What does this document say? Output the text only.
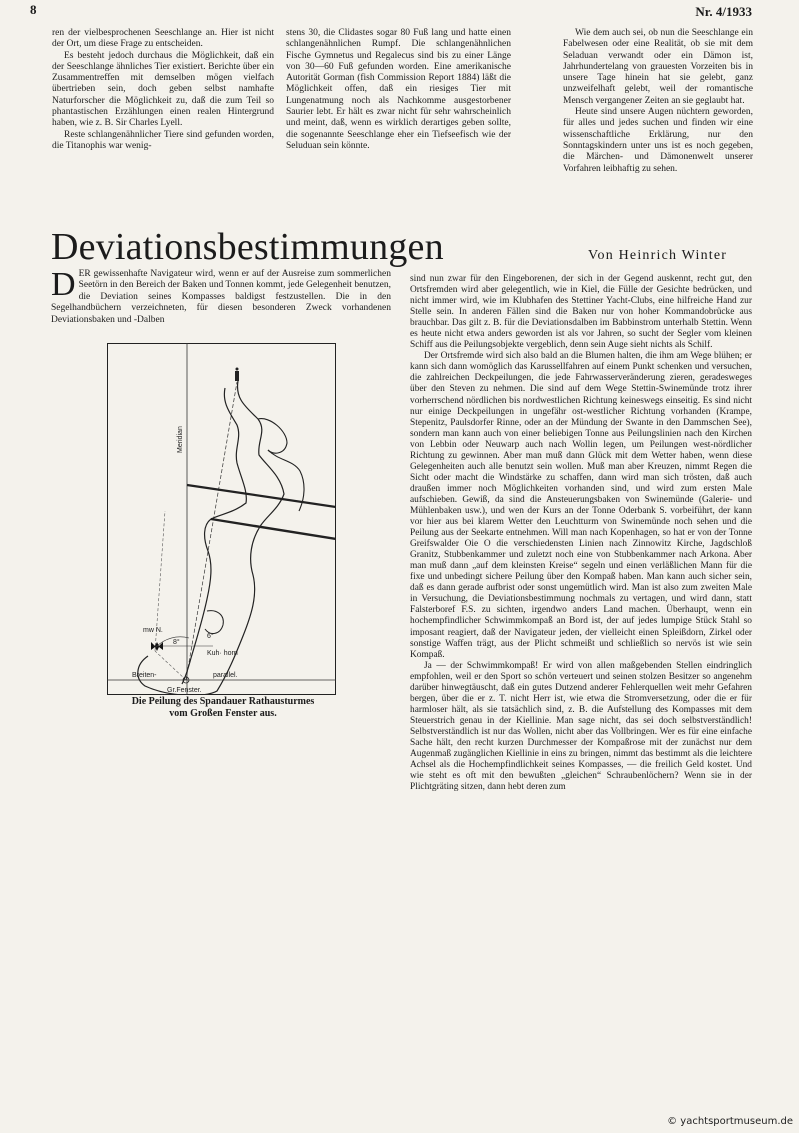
8	Nr. 4/1933

ren der vielbesprochenen Seeschlange an. Hier ist nicht der Ort, um diese Frage zu entscheiden.

Es besteht jedoch durchaus die Möglichkeit, daß ein der Seeschlange ähnliches Tier existiert. Berichte über ein Zusammentreffen mit demselben mögen vielfach übertrieben sein, doch geben selbst namhafte Naturforscher die Möglichkeit zu, daß die zum Teil so phantastischen Erzählungen einen realen Hintergrund haben, wie z. B. Sir Charles Lyell.

Reste schlangenähnlicher Tiere sind gefunden worden, die Titanophis war wenig-

stens 30, die Clidastes sogar 80 Fuß lang und hatte einen schlangenähnlichen Rumpf. Die schlangenähnlichen Fische Gymnetus und Regalecus sind bis zu einer Länge von 30—60 Fuß gefunden worden. Eine amerikanische Autorität Gorman (fish Commission Report 1884) läßt die Möglichkeit offen, daß ein riesiges Tier mit Lungenatmung noch als Nachkomme ausgestorbener Saurier lebt. Er hält es zwar nicht für sehr wahrscheinlich und meint, daß, wenn es wirklich derartiges geben sollte, die sogenannte Seeschlange eher ein Tiefseefisch wie der Seluduan sein könnte.

Wie dem auch sei, ob nun die Seeschlange ein Fabelwesen oder eine Realität, ob sie mit dem Seladuan verwandt oder ein Dämon ist, Jahrhundertelang von grauesten Vorzeiten bis in unsere Tage hinein hat sie gelebt, ganz unzweifelhaft gelebt, weil der romantische Mensch vergangener Zeiten an sie geglaubt hat.

Heute sind unsere Augen nüchtern geworden, für alles und jedes suchen und finden wir eine wissenschaftliche Erklärung, nur den Sonntagskindern unter uns ist es noch gegeben, die Märchen- und Dämonenwelt unserer Vorfahren leibhaftig zu sehen.

Deviationsbestimmungen	Von Heinrich Winter
DER gewissenhafte Navigateur wird, wenn er auf der Ausreise zum sommerlichen Seetörn in den Bereich der Baken und Tonnen kommt, jede Gelegenheit benutzen, die Deviation seines Kompasses baldigst festzustellen. Die in den Segelhandbüchern verzeichneten, für diesen besonderen Zweck vorhandenen Deviationsbaken und -Dalben
Meridian
mw N.
8°
6°
Kuh· horn
Breiten-	parallel.
Gr.Fenster.
Die Peilung des Spandauer Rathausturmes
vom Großen Fenster aus.

sind nun zwar für den Eingeborenen, der sich in der Gegend auskennt, recht gut, den Ortsfremden wird aber gelegentlich, wie in Kiel, die Fülle der Gesichte bedrücken, und nicht immer wird, wie im Klubhafen des Stettiner Yacht-Clubs, eine hilfreiche Hand zur Stelle sein. In anderen Fällen sind die Baken nur von hoher Kommandobrücke aus brauchbar. Das gilt z. B. für die Deviationsdalben im Babbinstrom unterhalb Stettin. Wenn es heute nicht etwa anders geworden ist als vor Jahren, so sucht der Segler vom kleinen Schiff aus die Peilungsobjekte vergeblich, denn sein Auge sieht nichts als Schilf.

Der Ortsfremde wird sich also bald an die Blumen halten, die ihm am Wege blühen; er kann sich dann womöglich das Karussellfahren auf einem Punkt schenken und versuchen, die zahlreichen Deckpeilungen, die jede Fahrwasserveränderung zieren, geradesweges über den Steven zu nehmen. Die sind auf dem Wege Stettin-Swinemünde trotz ihrer vorherrschend nördlichen bis nordwestlichen Richtung keineswegs einseitig. Es sind nicht nur einige Deckpeilungen in ungefähr ost-westlicher Richtung vorhanden (Krampe, Stepenitz, Paulsdorfer Rinne, oder an der Mündung der Swante in den Dammschen See), sondern man kann auch von einer beliebigen Tonne aus Peilungslinien nach den Kirchen von Lebbin oder Neuwarp auch nach Wollin legen, um Peilungen west-nördlicher Richtung zu gewinnen. Aber man muß dann Glück mit dem Wetter haben, wenn diese Gelegenheiten auch alle benutzt sein wollen. Muß man aber Kreuzen, nimmt Regen die Sicht oder macht die Windstärke zu schaffen, dann wird man sich trösten, daß auch draußen immer noch Möglichkeiten vorhanden sind, und wird zum ersten Male aufschieben. Gewiß, da sind die Ansteuerungsbaken von Swinemünde (Galerie- und Mühlenbaken usw.), und wen der Kurs an der Tonne Oderbank S. vorbeiführt, der kann vor hier aus bei klarem Wetter den Leuchtturm von Swinemünde noch sehen und die Peilung aus der Seekarte entnehmen. Will man nach Kopenhagen, so hat er von der Tonne Greifswalder Oie O die verschiedensten Linien nach Zinnowitz Kirche, Jagdschloß Granitz, Stubbenkammer und zuletzt noch eine von Stubbenkammer nach Arkona. Aber man muß dann „auf dem kleinsten Kreise“ segeln und einen verläßlichen Mann für die fixe und unbedingt sichere Peilung über den Kompaß haben. Man kann auch sicher sein, daß es dann gerade aufbrist oder sonst ungemütlich wird. Man ist also zum zweiten Male in Versuchung, die Deviationsbestimmung nochmals zu vertagen, und wird dann, statt Falsterboref F.S. zu sichten, irgendwo anders Land machen. Überhaupt, wenn ein hochempfindlicher Schwimmkompaß an Bord ist, der auf jedes lumpige Stück Stahl so imposant reagiert, daß der Navigateur jeden, der vielleicht einen Spleißdorn, Zirkel oder sonstige Waffen trägt, aus der Plicht schmeißt und schließlich so nervös ist wie sein Kompaß.

Ja — der Schwimmkompaß! Er wird von allen maßgebenden Stellen eindringlich empfohlen, weil er den Sport so schön verteuert und seinen stolzen Besitzer so angenehm darüber hinwegtäuscht, daß ein gutes Dutzend anderer Fehlerquellen weit mehr Gefahren bergen, über die er z. T. nicht Herr ist, wie etwa die Stromversetzung, oder die er für harmloser hält, als sie tatsächlich sind, z. B. die Aufstellung des Kompasses mit dem Steuerstrich genau in der Kiellinie. Man sage nicht, das sei doch selbstverständlich! Selbstverständlich ist nur das Wollen, nicht aber das Vollbringen. Wer es für eine einfache Sache hält, den recht kurzen Durchmesser der Kompaßrose mit der zunächst nur dem Augenmaß zugänglichen Kiellinie in eins zu bringen, nimmt das bestimmt als die leichtere Achsel als die Hochempfindlichkeit seines Kompasses, — die freilich Geld kostet. Und wie steht es oft mit den bewußten „gleichen“ Schraubenlöchern? Wenn sie in der Plichtgräting sitzen, dann hebt deren zum

© yachtsportmuseum.de
